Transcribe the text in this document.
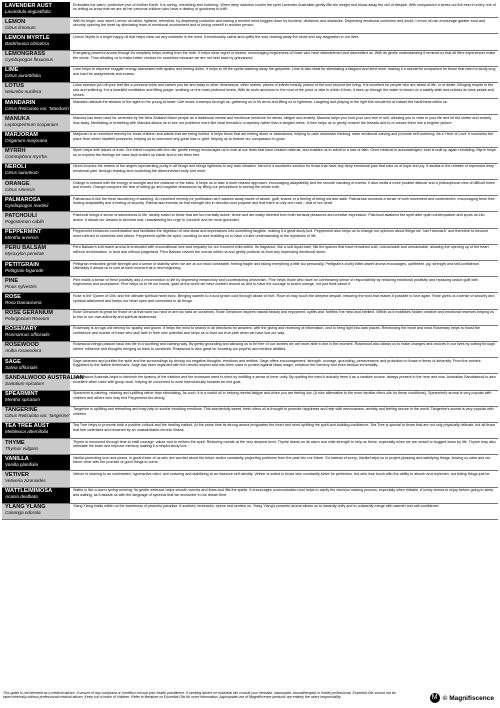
LAVENDER AUST
Lavandula angustifolia
Embodies the warm, protective love of Mother Earth. It is caring, cherishing and nurturing. When deep sadness covers the spirit Lavender Australian gently lifts the weight and blows away the veil of despair. With compassion it seeks out the best in every one of us letting us know that we are all her precious children who have a destiny of goodness to fulfil.
LEMON
Citrus limonum
With its bright, sour scent Lemon oil calms, lightens, refreshes, by dispersing confusion and easing a worried mind bogged down by burdens, decisions and obstacles. Dispersing emotional confusion and doubt, Lemon oil can encourage greater trust and security opening the heart by alleviating fears of emotional involvement and of losing oneself in another person.
LEMON MYRTLE
Backhousia citriodora
Lemon Myrtle is a bright happy oil that helps clear out any cobwebs in the mind. It emotionally calms and uplifts the soul chasing away the blues and any stagnation in our lives.
LEMONGRASS
Cymbopogon flexuosus
Energising powerful aroma through its simplicity helps rooting from the truth. It helps clear regret or shame, encouraging forgiveness of those who have disheartened and discredited us. With its gentle understanding it reminds us that all life's experiences make the whole. Thus allowing us to make better choices for ourselves because we are not held back by grievances.
LIME
Citrus aurantifolia
Lime helps to disperse sluggish energy associated with apathy and feeling down. It helps to lift the spirits washing away the greyness. Lime is also ideal for stimulating a fatigued and tired mind, making it a wonderful companion for those that need to study long and hard for assignments and exams.
LOTUS
Nelumbo nucifera
Lotus sweeps you off your feet like a precious bride and carries you far and away to other dimensions, other realms, places of infinite beauty, places of the soul beyond the living. It is excellent for people who are afraid of life, or of death. Bringing respite to the sick and suffering, it is a beautiful meditation and lifting prayer, soothing on the most profound levels. With its roots anchored in the mud of the pond or lake in which it lives, it rises up through the water to bloom on a stately stalk and unfolds its lotus petals and shines.
MANDARIN
Citrus Reticulata var. 'Mandarin'
Mandarin attracts the wisdom of the ages to the young at heart. Like music it sweeps through us, gathering us in it's arms and lifting us to lightness. Laughing and playing in the light this wonderful oil makes the harshness within us.
MANUKA
Leptospermum scoparium
Manuka has been used for centuries by the New Zealand Maori people as a traditional mental and emotional medicine for stress, fatigue and anxiety. Manuka helps you hold your own true in self, allowing you to relax in your life and let the clutter and anxiety flow away. Meditating or breathing with Manuka allows us to see our problems more like clear threads in a tapestry rather than a tangled mess. It then helps us to gently unravel the threads and to re-weave them into a brighter picture.
MARJORAM
Origanum marjorana
Marjoram is an excellent remedy for those children and adults that are being bullied. It helps those that are feeling alone or abandoned, helping to calm obsessive thinking, ease emotional craving and promote self-nurturing. As a 'Herb of Love' it nourishes the place from which heartfelt pressures, helping us to overcome any great loss or grief, helping us to restore our compassion to grow.
MYRRH
Commiphora myrrha
Myrrh helps with issues of trust. Our intent coupled with the oils' gentle energy encourages us to look at our fears that have created mistrust, and enables us to admit to a loss of faith. Once mistrust is acknowledged, trust is built up again rebuilding. Myrrh helps us to express the feelings we have kept bottled up inside and to set them free.
NEROLI
Citrus aurantium
Neroli touches the realms of the angels representing purity in all things and brings lightness to any dark situation. Neroli is a wonderful solution for those that have any deep emotional pain that robs us of hope and joy. It assists in the release of repressed deep emotional pain, through relaxing and nourishing the disconnected body and mind.
ORANGE
Citrus sinensis
Orange is imbued with the energy of sunlight and the radiance of the stars. It helps us to take a more relaxed approach, encouraging adaptability and the smooth handling of events. It also instils a more positive attitude and a philosophical view of difficult times and events. Orange conquers the fear of letting go and negative obsessions by lifting our perceptions to seeing the whole truth.
PALMAROSA
Cymbopogon martinii
Palmarosa is like the fresh laundering of washing. An excellent remedy for purification as it washes away traces of abuse, guilt, shame or a feeling of being old and stale. Palmarosa connects a sense of both movement and contentment, encouraging fresh free-flowing adaptability and a feeling of security. Palmarosa reminds us that strength lies in direction and purpose and that there is only one road – that of our heart.
PATCHOULI
Pogostemon cablin
Patchouli brings a sense of sacredness to life. Ideally suited to those that are too mentally active, tense and are easily diverted from both sensual pleasures and creative expression. Patchouli awakens the spirit after quiet contemplation and spurs us into action. It allows our dreams to become real, reawakening the urge to 'connect' and be more grounded.
PEPPERMINT
Mentha arvensis
Peppermint enhances concentration and facilitates the digestion of new ideas and impressions into something tangible, making it a great study tool. Peppermint also helps us to change our opinions about things we "can't stomach" and therefore to become more tolerant of ourselves and others. Peppermint uplifts the spirit, uncoiling us and enabling us to have a fuller understanding of the mysteries of life.
PERU BALSAM
Myroxylon pereirae
Peru Balsam's soft sweet aroma is embodied with unconditional love and empathy for our innocent child within. Its fragrance, like a soft liquid bath, fills the spaces that have remained cold, untouchable and unreachable, allowing the opening up of the heart without recrimination, in trust and without judgement. Peru Balsam revives the sorrow within us and gently protects us from any impending emotional storm.
PETITGRAIN
Petitgrain bigarade
Petitgrain embodies gentle strength and a sense of stability when we are at our most vulnerable, feeling fragile and taking everything a little too personally. Petitgrain's lovely bitter-sweet aroma encourages, upliftment, joy, strength and self-confidence. Ultimately it allows us to look at each moment as a new beginning.
PINE
Pinus sylvestris
Pine instils a sense of fresh positivity and a reconnection to life by dispersing melancholy and counteracting pessimism. Pine helps those who have an overbearing sense of responsibility by restoring emotional positivity and replacing undue guilt with forgiveness and acceptance. Pine helps us to lift our heads, gaze at the world we have created around us and to have the courage to action change, not just think about it.
ROSE
Rosa Damascena
Rose is the 'Queen of Oils' and the ultimate spiritual heart tonic. Bringing warmth to a soul grown cold through abuse or hurt, Rose oil may touch the deepest despair, restoring the trust that makes it possible to love again. Rose gives us a sense of security and spiritual attainment and keeps our heart open and connected to all things.
ROSE GERANIUM
Pelargonium Roseum
Rose Geranium is great for those of us that work too hard or are too hard on ourselves. Rose Geranium inspires natural beauty and enjoyment, uplifts and 'fortifies' the mind and intellect. Within us it mobilises hidden creative and emotional reserves helping us to rise to our own authority and spiritual awareness.
ROSEMARY
Rosmarinus officinalis
Rosemary is an age-old remedy for apathy and gloom. It helps the mind to search in all directions for answers, with the giving and receiving of information, and to bring light into dark places. Reinforcing the heart and mind Rosemary helps to boost the confidence and morale of those who lack faith in their own potential and helps us to trust our true path when we have lost our way.
ROSEWOOD
Aniba rosaeodora
Rosewood brings passion back into life in a soothing and calming way. By gently grounding and allowing us to be free of our worries we are more able to live in the moment. Rosewood also allows us to make changes and choices in our lives by cutting through others' influence and thoughts bringing us back to ourselves. Rosewood is also great for boosting our psychic and intuitive abilities.
SAGE
Salvia officinalis
Sage cleanses and purifies the spirit and the surroundings by driving out negative thoughts, emotions and entities. Sage offers encouragement, strength, courage, grounding, perseverance and protection to those in times of adversity. From the ancient Egyptians to the Native Americans, Sage has been regarded with the utmost respect and has been used to protect against black magic, enhance the memory and even bestow immortality.
SANDALWOOD AUSTRALIAN
Santalum spicatum
Sandalwood Australia helps to diminish the tyranny of the intellect and the incessant need to shed by instilling a sense of inner unity. By quelling the mind it actually frees it as a creative source, always present in the here and now. Australian Sandalwood is also excellent when used with group work, helping all concerned to work harmoniously towards an end goal.
SPEARMINT
Mentha spicatum
Spearmint is calming, relaxing and uplifting rather than stimulating. As such, it is a useful oil in helping mental fatigue and when you are feeling low. (A nice alternative to the more familiar citrus oils for these conditions). Spearmint's aroma is very popular with children and others who may find Peppermint too strong.
TANGERINE
Citrus Reticulata var. 'tangerine'
Tangerine is uplifting and refreshing and may help to soothe troubling emotions. This wonderfully sweet, fresh citrus oil is thought to promote happiness and help with nervousness, anxiety and feeling secure in the world. Tangerine's aroma is very popular with children.
TEA TREE AUST
Melaleuca alternifolia
Tea Tree helps to promote both a positive outlook and the healing instinct. At the same time its strong aroma invigorates the heart and mind uplifting the spirit and building confidence. Tea Tree is special to those that are not only physically delicate, but all those that feel victimised and drowned by an unassimilated chronic illness.
THYME
Thymus vulgaris
Thyme is renowned through time to instil courage, valour and to enliven the spirit. Restoring morale at the very deepest level, Thyme draws on its warm and virile strength to help us thrive, especially when we are unwell or bogged down by life. Thyme may also stimulate the brain and improve memory making it a helpful study tool.
VANILLA
Vanilla planifolia
Vanilla promoting love and peace, is great those of us who are worried about the future and/or constantly projecting problems from the past into our future. So instead of worry, Vanilla helps us to project pleasing and satisfying things, leaving us calm and our future clear with the promise of good things to come.
VETIVER
Vetiveria zizanoides
Vetiver is relaxing to an overheated, hyperactive mind, and nurturing and stabilising to an insecure self-identity. Vetiver is suited to those who constantly strive for perfection, but who lose touch with the ability to absorb and replenish, not letting things just be.
WATTLE/MIMOSA
Acacia dealbata
Wattle is like a warm spring morning. Its gentle embrace helps smooth worries and fears and lifts the spirits. It encourages communication and helps to clarify the decision making process, especially when irritable. A lovely aroma to enjoy before going to sleep and waking, as it assists us with the language of symbols that we encounter in our dream time.
YLANG YLANG
Cananga odorata
Ylang Ylang instils within us the sweetness of peaceful paradise. It soothes, embraces, opens and centres us. Ylang Ylang's powerful aroma allows us to inwardly unify and to outwardly merge with warmth and self-confidence.

This guide is not intended as a medical advice. If unsure of any complaint or condition consult your health practitioner. If seeking advice on essential oils consult your herbalist, naturopath, aromatherapist or health professional. Essential Oils should not be taken internally without professional medical advice. Keep out of reach of children. Refer to literature on Essential Oils for more information. Appropriate use of Magnifiscence products are entirely the users responsibility.	M © Magnifiscence
